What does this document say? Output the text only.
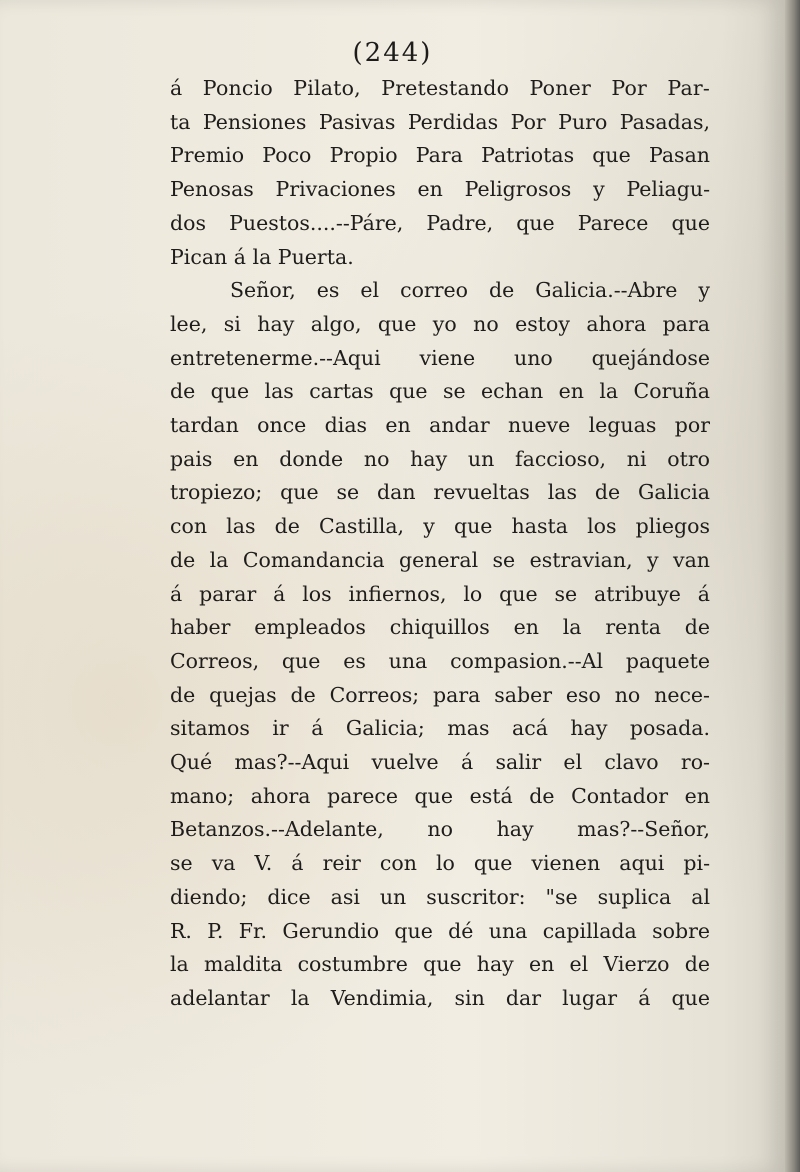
(244)
á Poncio Pilato, Pretestando Poner Por Par-
ta Pensiones Pasivas Perdidas Por Puro Pasadas,
Premio Poco Propio Para Patriotas que Pasan
Penosas Privaciones en Peligrosos y Peliagu-
dos Puestos....--Páre, Padre, que Parece que
Pican á la Puerta.
Señor, es el correo de Galicia.--Abre y
lee, si hay algo, que yo no estoy ahora para
entretenerme.--Aqui viene uno quejándose
de que las cartas que se echan en la Coruña
tardan once dias en andar nueve leguas por
pais en donde no hay un faccioso, ni otro
tropiezo; que se dan revueltas las de Galicia
con las de Castilla, y que hasta los pliegos
de la Comandancia general se estravian, y van
á parar á los infiernos, lo que se atribuye á
haber empleados chiquillos en la renta de
Correos, que es una compasion.--Al paquete
de quejas de Correos; para saber eso no nece-
sitamos ir á Galicia; mas acá hay posada.
Qué mas?--Aqui vuelve á salir el clavo ro-
mano; ahora parece que está de Contador en
Betanzos.--Adelante, no hay mas?--Señor,
se va V. á reir con lo que vienen aqui pi-
diendo; dice asi un suscritor: "se suplica al
R. P. Fr. Gerundio que dé una capillada sobre
la maldita costumbre que hay en el Vierzo de
adelantar la Vendimia, sin dar lugar á que
